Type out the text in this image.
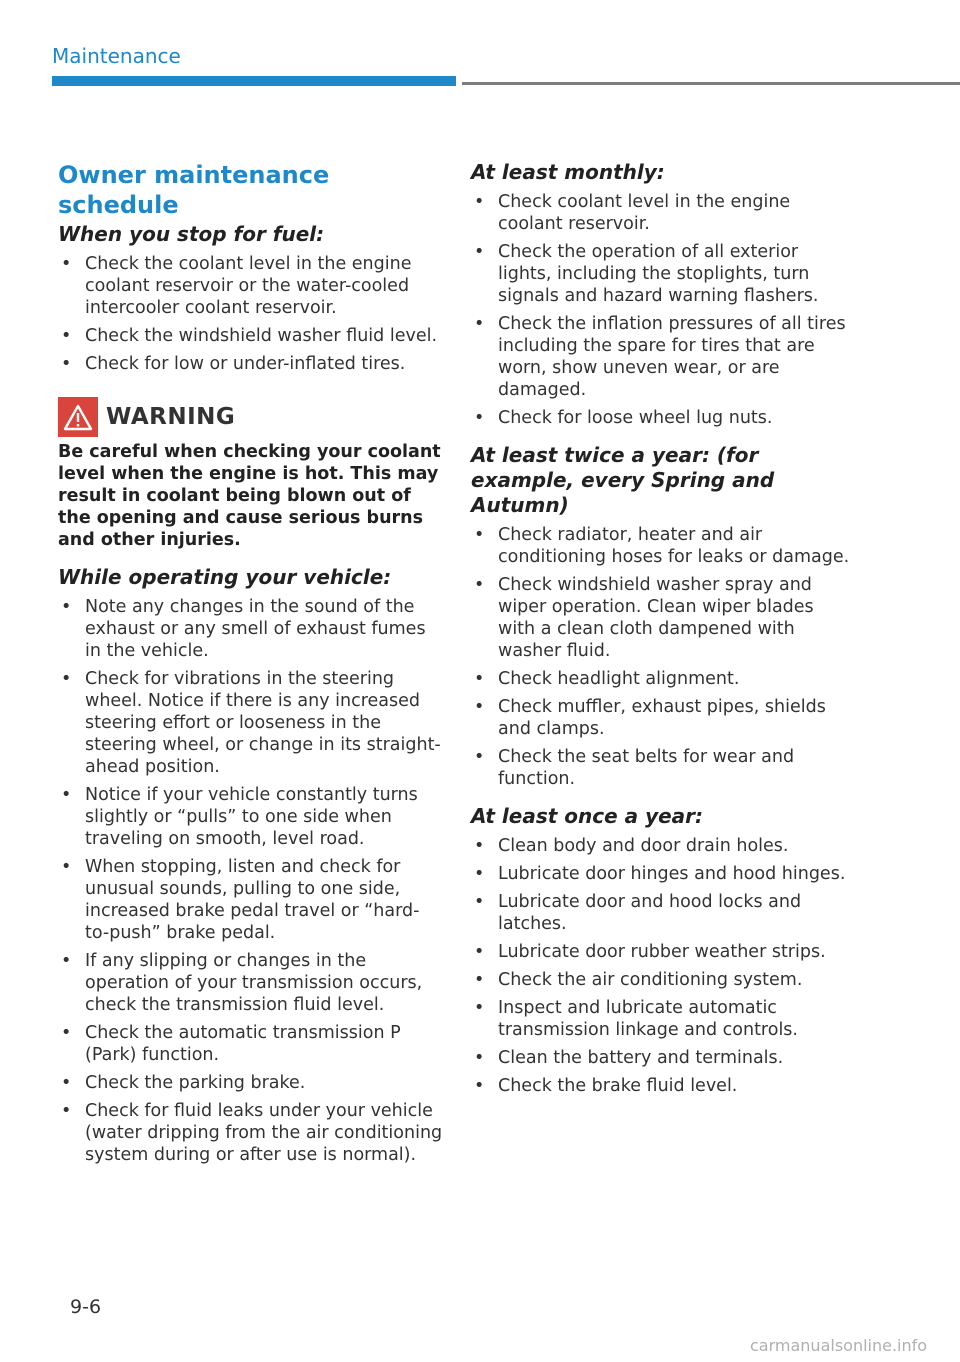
Maintenance
Owner maintenance schedule
When you stop for fuel:
• Check the coolant level in the engine coolant reservoir or the water-cooled intercooler coolant reservoir.
• Check the windshield washer fluid level.
• Check for low or under-inflated tires.
WARNING
Be careful when checking your coolant level when the engine is hot. This may result in coolant being blown out of the opening and cause serious burns and other injuries.
While operating your vehicle:
• Note any changes in the sound of the exhaust or any smell of exhaust fumes in the vehicle.
• Check for vibrations in the steering wheel. Notice if there is any increased steering effort or looseness in the steering wheel, or change in its straight-ahead position.
• Notice if your vehicle constantly turns slightly or “pulls” to one side when traveling on smooth, level road.
• When stopping, listen and check for unusual sounds, pulling to one side, increased brake pedal travel or “hard-to-push” brake pedal.
• If any slipping or changes in the operation of your transmission occurs, check the transmission fluid level.
• Check the automatic transmission P (Park) function.
• Check the parking brake.
• Check for fluid leaks under your vehicle (water dripping from the air conditioning system during or after use is normal).
At least monthly:
• Check coolant level in the engine coolant reservoir.
• Check the operation of all exterior lights, including the stoplights, turn signals and hazard warning flashers.
• Check the inflation pressures of all tires including the spare for tires that are worn, show uneven wear, or are damaged.
• Check for loose wheel lug nuts.
At least twice a year: (for example, every Spring and Autumn)
• Check radiator, heater and air conditioning hoses for leaks or damage.
• Check windshield washer spray and wiper operation. Clean wiper blades with a clean cloth dampened with washer fluid.
• Check headlight alignment.
• Check muffler, exhaust pipes, shields and clamps.
• Check the seat belts for wear and function.
At least once a year:
• Clean body and door drain holes.
• Lubricate door hinges and hood hinges.
• Lubricate door and hood locks and latches.
• Lubricate door rubber weather strips.
• Check the air conditioning system.
• Inspect and lubricate automatic transmission linkage and controls.
• Clean the battery and terminals.
• Check the brake fluid level.
9-6
carmanualsonline.info
